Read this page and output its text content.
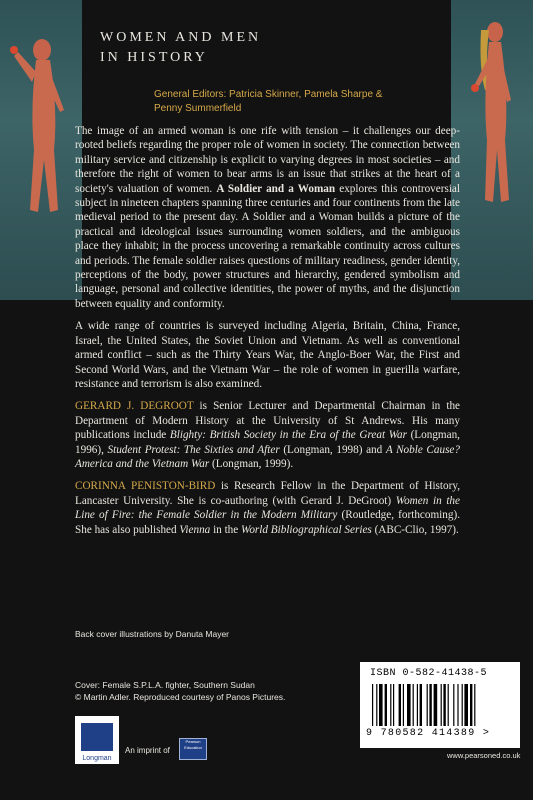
WOMEN AND MEN
IN HISTORY
General Editors: Patricia Skinner, Pamela Sharpe &
Penny Summerfield

The image of an armed woman is one rife with tension – it challenges our deep-rooted beliefs regarding the proper role of women in society. The connection between military service and citizenship is explicit to varying degrees in most societies – and therefore the right of women to bear arms is an issue that strikes at the heart of a society's valuation of women. A Soldier and a Woman explores this controversial subject in nineteen chapters spanning three centuries and four continents from the late medieval period to the present day. A Soldier and a Woman builds a picture of the practical and ideological issues surrounding women soldiers, and the ambiguous place they inhabit; in the process uncovering a remarkable continuity across cultures and periods. The female soldier raises questions of military readiness, gender identity, perceptions of the body, power structures and hierarchy, gendered symbolism and language, personal and collective identities, the power of myths, and the disjunction between equality and conformity.

A wide range of countries is surveyed including Algeria, Britain, China, France, Israel, the United States, the Soviet Union and Vietnam. As well as conventional armed conflict – such as the Thirty Years War, the Anglo-Boer War, the First and Second World Wars, and the Vietnam War – the role of women in guerilla warfare, resistance and terrorism is also examined.

GERARD J. DEGROOT is Senior Lecturer and Departmental Chairman in the Department of Modern History at the University of St Andrews. His many publications include Blighty: British Society in the Era of the Great War (Longman, 1996), Student Protest: The Sixties and After (Longman, 1998) and A Noble Cause? America and the Vietnam War (Longman, 1999).

CORINNA PENISTON-BIRD is Research Fellow in the Department of History, Lancaster University. She is co-authoring (with Gerard J. DeGroot) Women in the Line of Fire: the Female Soldier in the Modern Military (Routledge, forthcoming). She has also published Vienna in the World Bibliographical Series (ABC-Clio, 1997).

Back cover illustrations by Danuta Mayer
Cover: Female S.P.L.A. fighter, Southern Sudan
© Martin Adler. Reproduced courtesy of Panos Pictures.
Longman
An imprint of
Pearson Education
ISBN 0-582-41438-5
9 780582 414389 >
www.pearsoned.co.uk
